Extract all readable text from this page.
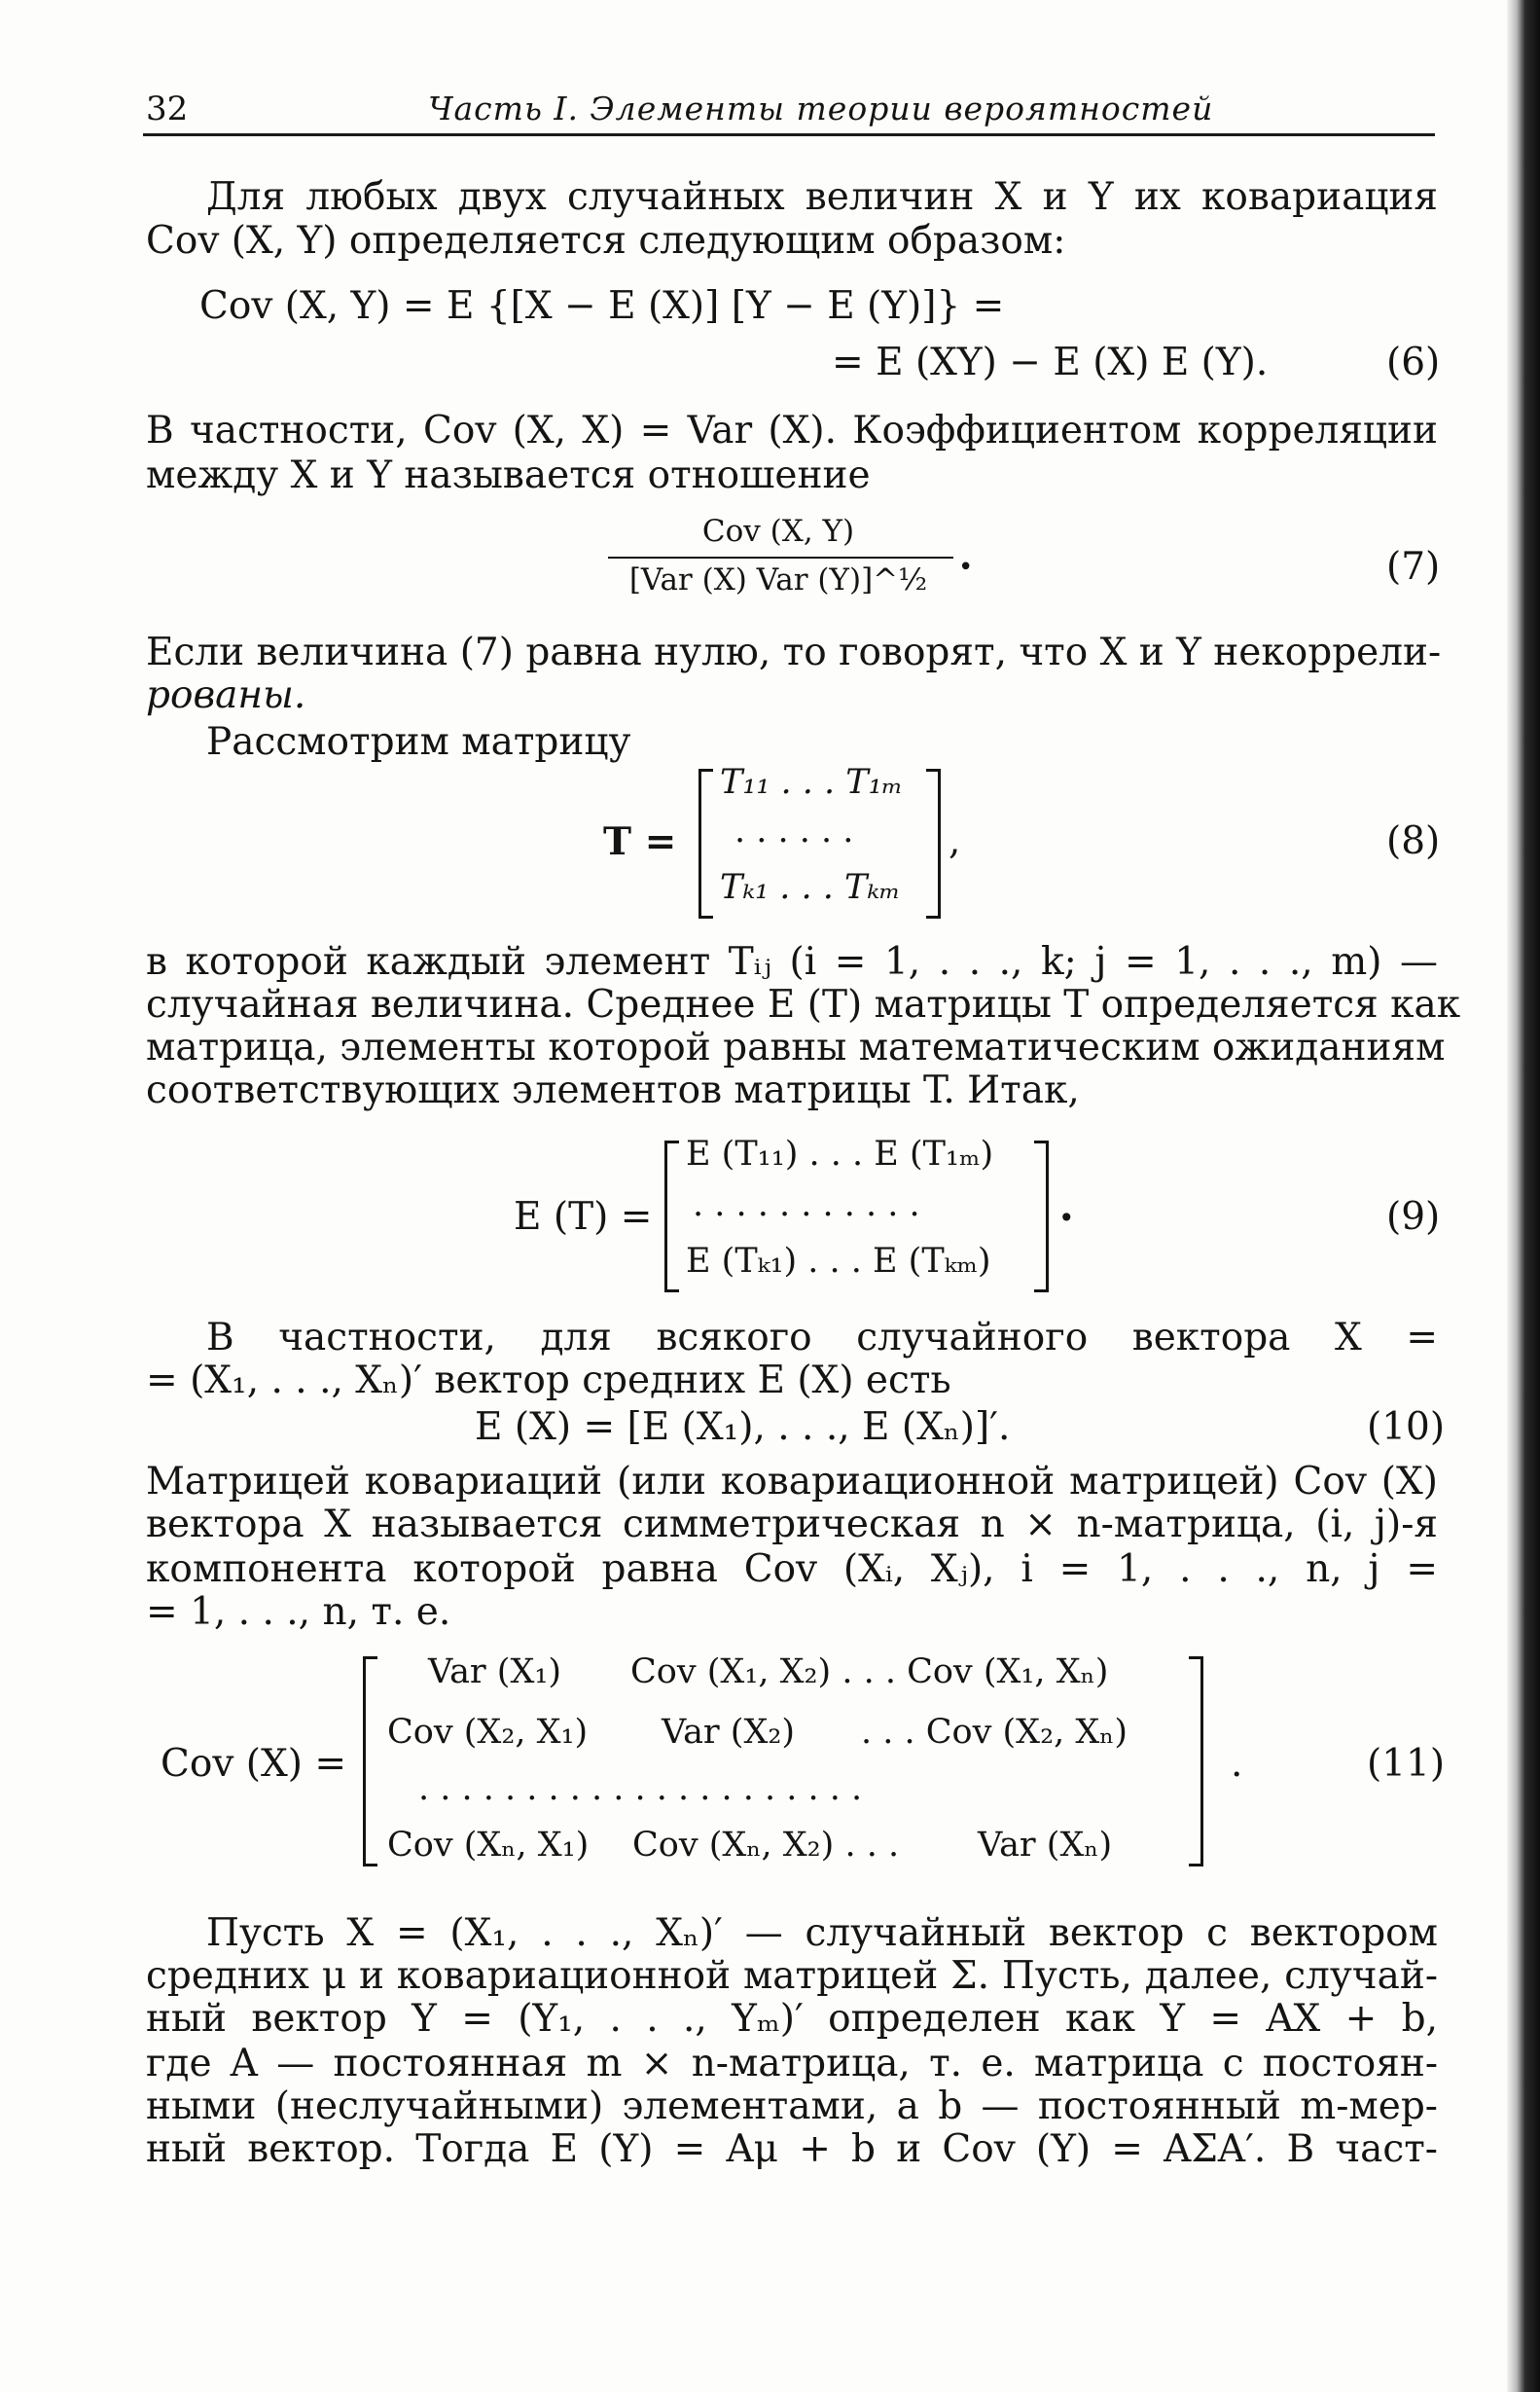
32	Часть I. Элементы теории вероятностей
Для любых двух случайных величин X и Y их ковариация
Cov (X, Y) определяется следующим образом:
Cov (X, Y) = E {[X − E (X)] [Y − E (Y)]} =
= E (XY) − E (X) E (Y).	(6)
В частности, Cov (X, X) = Var (X). Коэффициентом корреляции
между X и Y называется отношение
Cov (X, Y)
[Var (X) Var (Y)]^½	•	(7)
Если величина (7) равна нулю, то говорят, что X и Y некоррели-
рованы.
Рассмотрим матрицу
T =
T₁₁ . . . T₁ₘ
. . . . . .
Tₖ₁ . . . Tₖₘ
,	(8)
в которой каждый элемент Tᵢⱼ (i = 1, . . ., k; j = 1, . . ., m) —
случайная величина. Среднее E (T) матрицы T определяется как
матрица, элементы которой равны математическим ожиданиям
соответствующих элементов матрицы T. Итак,
E (T) =
E (T₁₁) . . . E (T₁ₘ)
. . . . . . . . . . .
E (Tₖ₁) . . . E (Tₖₘ)
•	(9)
В частности, для всякого случайного вектора X =
= (X₁, . . ., Xₙ)′ вектор средних E (X) есть
E (X) = [E (X₁), . . ., E (Xₙ)]′.	(10)
Матрицей ковариаций (или ковариационной матрицей) Cov (X)
вектора X называется симметрическая n × n-матрица, (i, j)-я
компонента которой равна Cov (Xᵢ, Xⱼ), i = 1, . . ., n, j =
= 1, . . ., n, т. е.
Cov (X) =
Var (X₁) Cov (X₁, X₂) . . . Cov (X₁, Xₙ)
Cov (X₂, X₁) Var (X₂) . . . Cov (X₂, Xₙ)
. . . . . . . . . . . . . . . . . . . . .
Cov (Xₙ, X₁) Cov (Xₙ, X₂) . . . Var (Xₙ)
.	(11)
Пусть X = (X₁, . . ., Xₙ)′ — случайный вектор с вектором
средних μ и ковариационной матрицей Σ. Пусть, далее, случай-
ный вектор Y = (Y₁, . . ., Yₘ)′ определен как Y = AX + b,
где A — постоянная m × n-матрица, т. е. матрица с постоян-
ными (неслучайными) элементами, а b — постоянный m-мер-
ный вектор. Тогда E (Y) = Aμ + b и Cov (Y) = AΣA′. В част-
